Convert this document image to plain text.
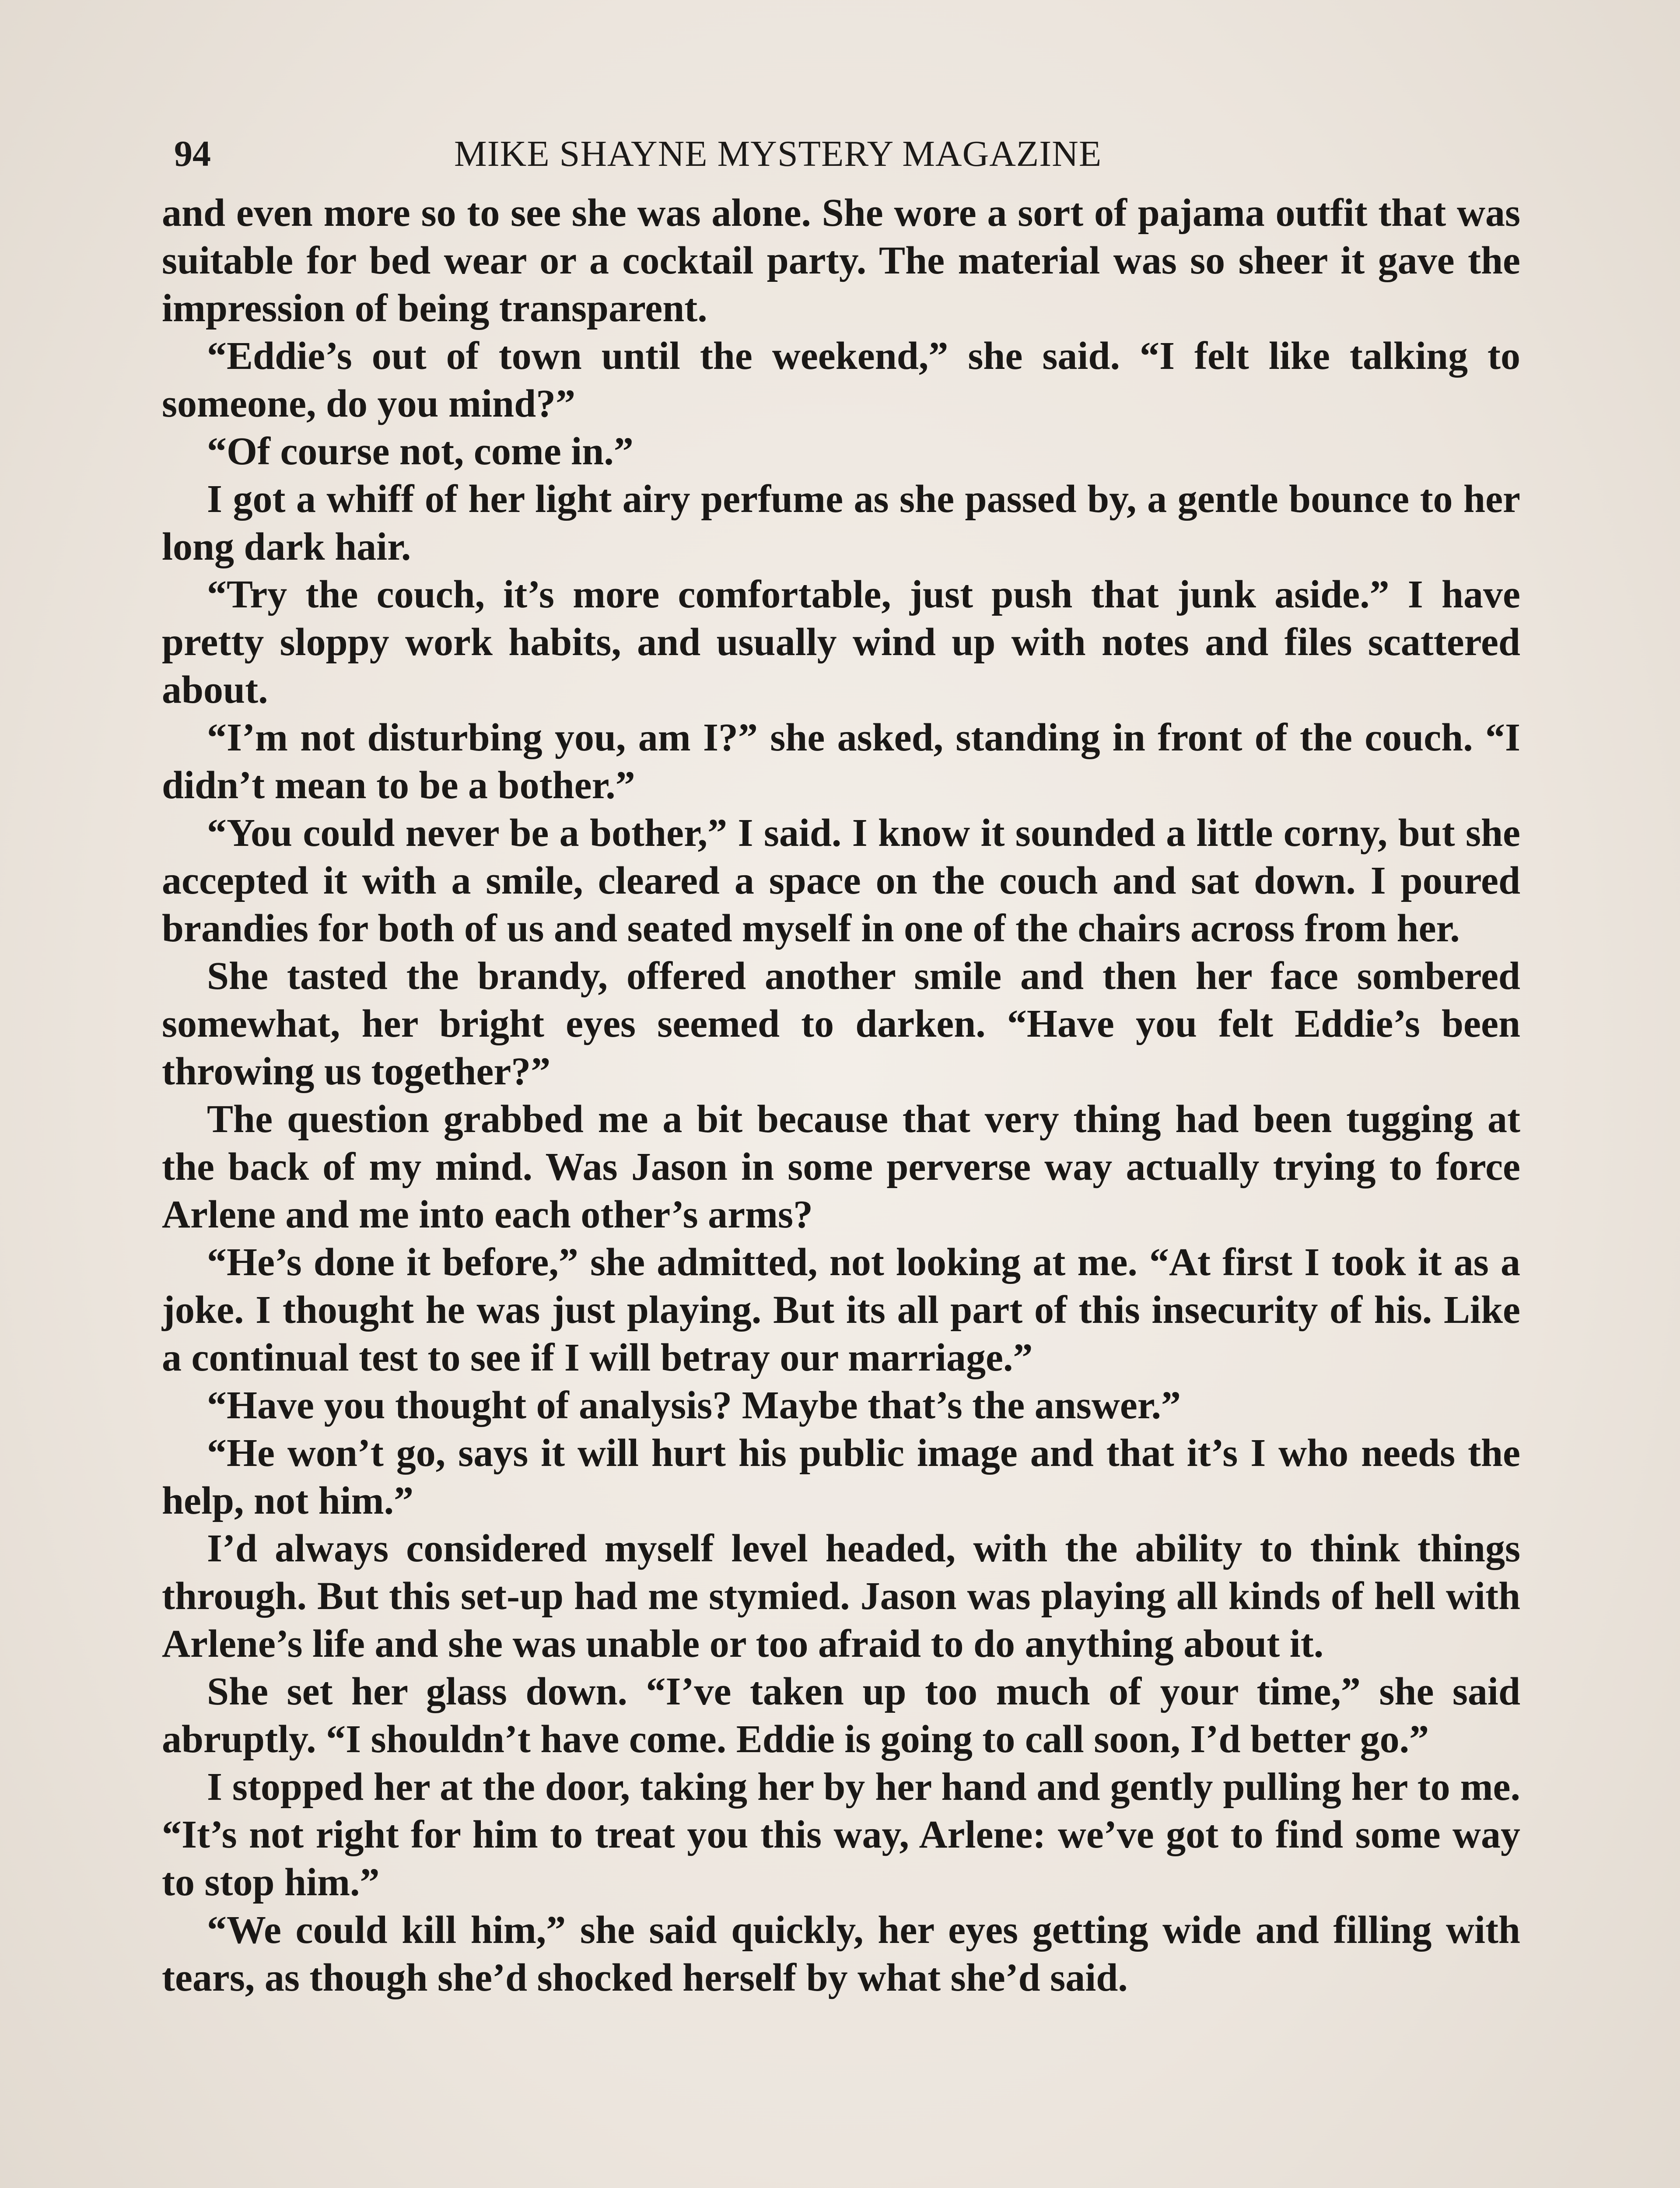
94	MIKE SHAYNE MYSTERY MAGAZINE

and even more so to see she was alone. She wore a sort of pajama outfit that was suitable for bed wear or a cocktail party. The material was so sheer it gave the impression of being transparent.

“Eddie’s out of town until the weekend,” she said. “I felt like talking to someone, do you mind?”

“Of course not, come in.”

I got a whiff of her light airy perfume as she passed by, a gentle bounce to her long dark hair.

“Try the couch, it’s more comfortable, just push that junk aside.” I have pretty sloppy work habits, and usually wind up with notes and files scattered about.

“I’m not disturbing you, am I?” she asked, standing in front of the couch. “I didn’t mean to be a bother.”

“You could never be a bother,” I said. I know it sounded a little corny, but she accepted it with a smile, cleared a space on the couch and sat down. I poured brandies for both of us and seated myself in one of the chairs across from her.

She tasted the brandy, offered another smile and then her face sombered somewhat, her bright eyes seemed to darken. “Have you felt Eddie’s been throwing us together?”

The question grabbed me a bit because that very thing had been tugging at the back of my mind. Was Jason in some perverse way actually trying to force Arlene and me into each other’s arms?

“He’s done it before,” she admitted, not looking at me. “At first I took it as a joke. I thought he was just playing. But its all part of this insecurity of his. Like a continual test to see if I will betray our marriage.”

“Have you thought of analysis? Maybe that’s the answer.”

“He won’t go, says it will hurt his public image and that it’s I who needs the help, not him.”

I’d always considered myself level headed, with the ability to think things through. But this set-up had me stymied. Jason was playing all kinds of hell with Arlene’s life and she was unable or too afraid to do anything about it.

She set her glass down. “I’ve taken up too much of your time,” she said abruptly. “I shouldn’t have come. Eddie is going to call soon, I’d better go.”

I stopped her at the door, taking her by her hand and gently pulling her to me. “It’s not right for him to treat you this way, Arlene: we’ve got to find some way to stop him.”

“We could kill him,” she said quickly, her eyes getting wide and filling with tears, as though she’d shocked herself by what she’d said.
